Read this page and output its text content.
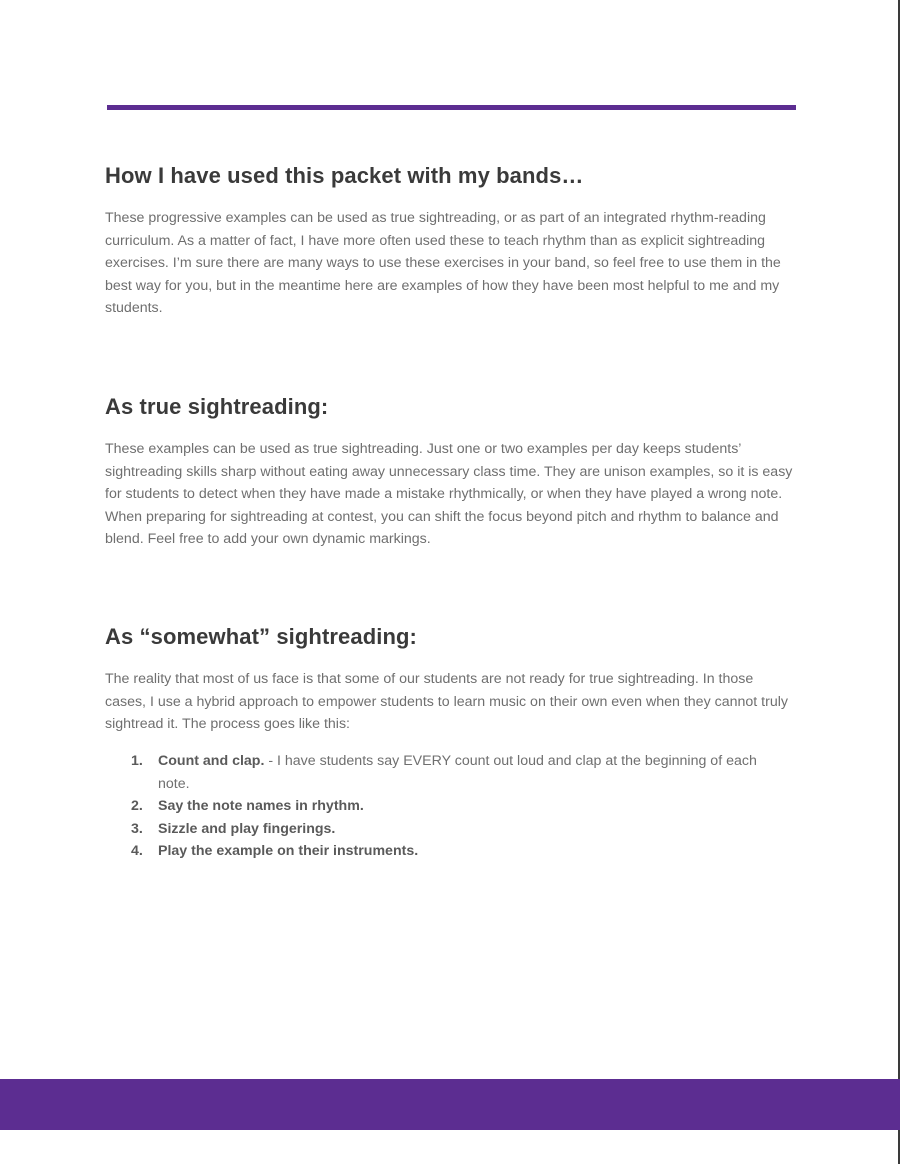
How I have used this packet with my bands…

These progressive examples can be used as true sightreading, or as part of an integrated rhythm-reading curriculum. As a matter of fact, I have more often used these to teach rhythm than as explicit sightreading exercises. I’m sure there are many ways to use these exercises in your band, so feel free to use them in the best way for you, but in the meantime here are examples of how they have been most helpful to me and my students.

As true sightreading:

These examples can be used as true sightreading. Just one or two examples per day keeps students’ sightreading skills sharp without eating away unnecessary class time. They are unison examples, so it is easy for students to detect when they have made a mistake rhythmically, or when they have played a wrong note. When preparing for sightreading at contest, you can shift the focus beyond pitch and rhythm to balance and blend. Feel free to add your own dynamic markings.

As “somewhat” sightreading:

The reality that most of us face is that some of our students are not ready for true sightreading. In those cases, I use a hybrid approach to empower students to learn music on their own even when they cannot truly sightread it. The process goes like this:

1. Count and clap. - I have students say EVERY count out loud and clap at the beginning of each note.
2. Say the note names in rhythm.
3. Sizzle and play fingerings.
4. Play the example on their instruments.
